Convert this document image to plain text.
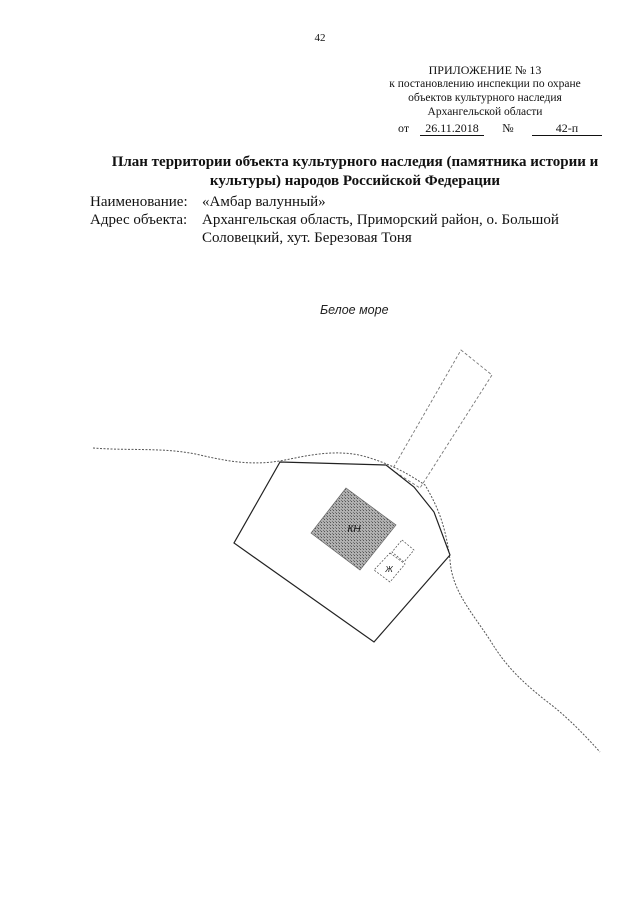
42
ПРИЛОЖЕНИЕ № 13
к постановлению инспекции по охране
объектов культурного наследия
Архангельской области
от 26.11.2018 №	42-п
План территории объекта культурного наследия (памятника истории и культуры) народов Российской Федерации
Наименование: «Амбар валунный»
Адрес объекта: Архангельская область, Приморский район, о. Большой Соловецкий, хут. Березовая Тоня
Белое море
КН
Ж
